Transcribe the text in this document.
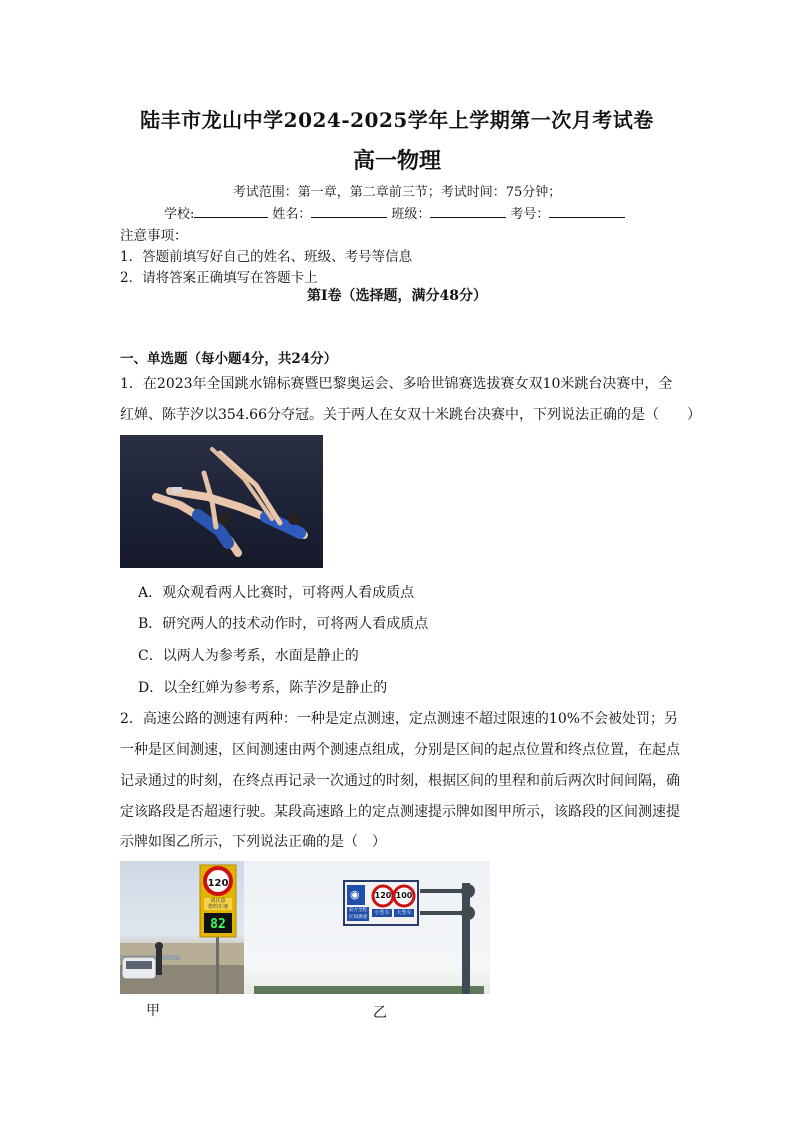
陆丰市龙山中学2024-2025学年上学期第一次月考试卷
高一物理
考试范围：第一章，第二章前三节；考试时间：75分钟；
学校:	姓名：	班级：	考号：
注意事项：
1．答题前填写好自己的姓名、班级、考号等信息
2．请将答案正确填写在答题卡上
第Ⅰ卷（选择题，满分48分）
一、单选题（每小题4分，共24分）
1．在2023年全国跳水锦标赛暨巴黎奥运会、多哈世锦赛选拔赛女双10米跳台决赛中，全
红婵、陈芋汐以354.66分夺冠。关于两人在女双十米跳台决赛中，下列说法正确的是（　　）
A．观众观看两人比赛时，可将两人看成质点
B．研究两人的技术动作时，可将两人看成质点
C．以两人为参考系，水面是静止的
D．以全红婵为参考系，陈芋汐是静止的
2．高速公路的测速有两种：一种是定点测速，定点测速不超过限速的10%不会被处罚；另
一种是区间测速，区间测速由两个测速点组成，分别是区间的起点位置和终点位置，在起点
记录通过的时刻，在终点再记录一次通过的时刻，根据区间的里程和前后两次时间间隔，确
定该路段是否超速行驶。某段高速路上的定点测速提示牌如图甲所示，该路段的区间测速提
示牌如图乙所示，下列说法正确的是（　）
120
请注意
您的车速
82
120 100
小型车	大型车
前方全程
区间测速
◉
甲	乙
